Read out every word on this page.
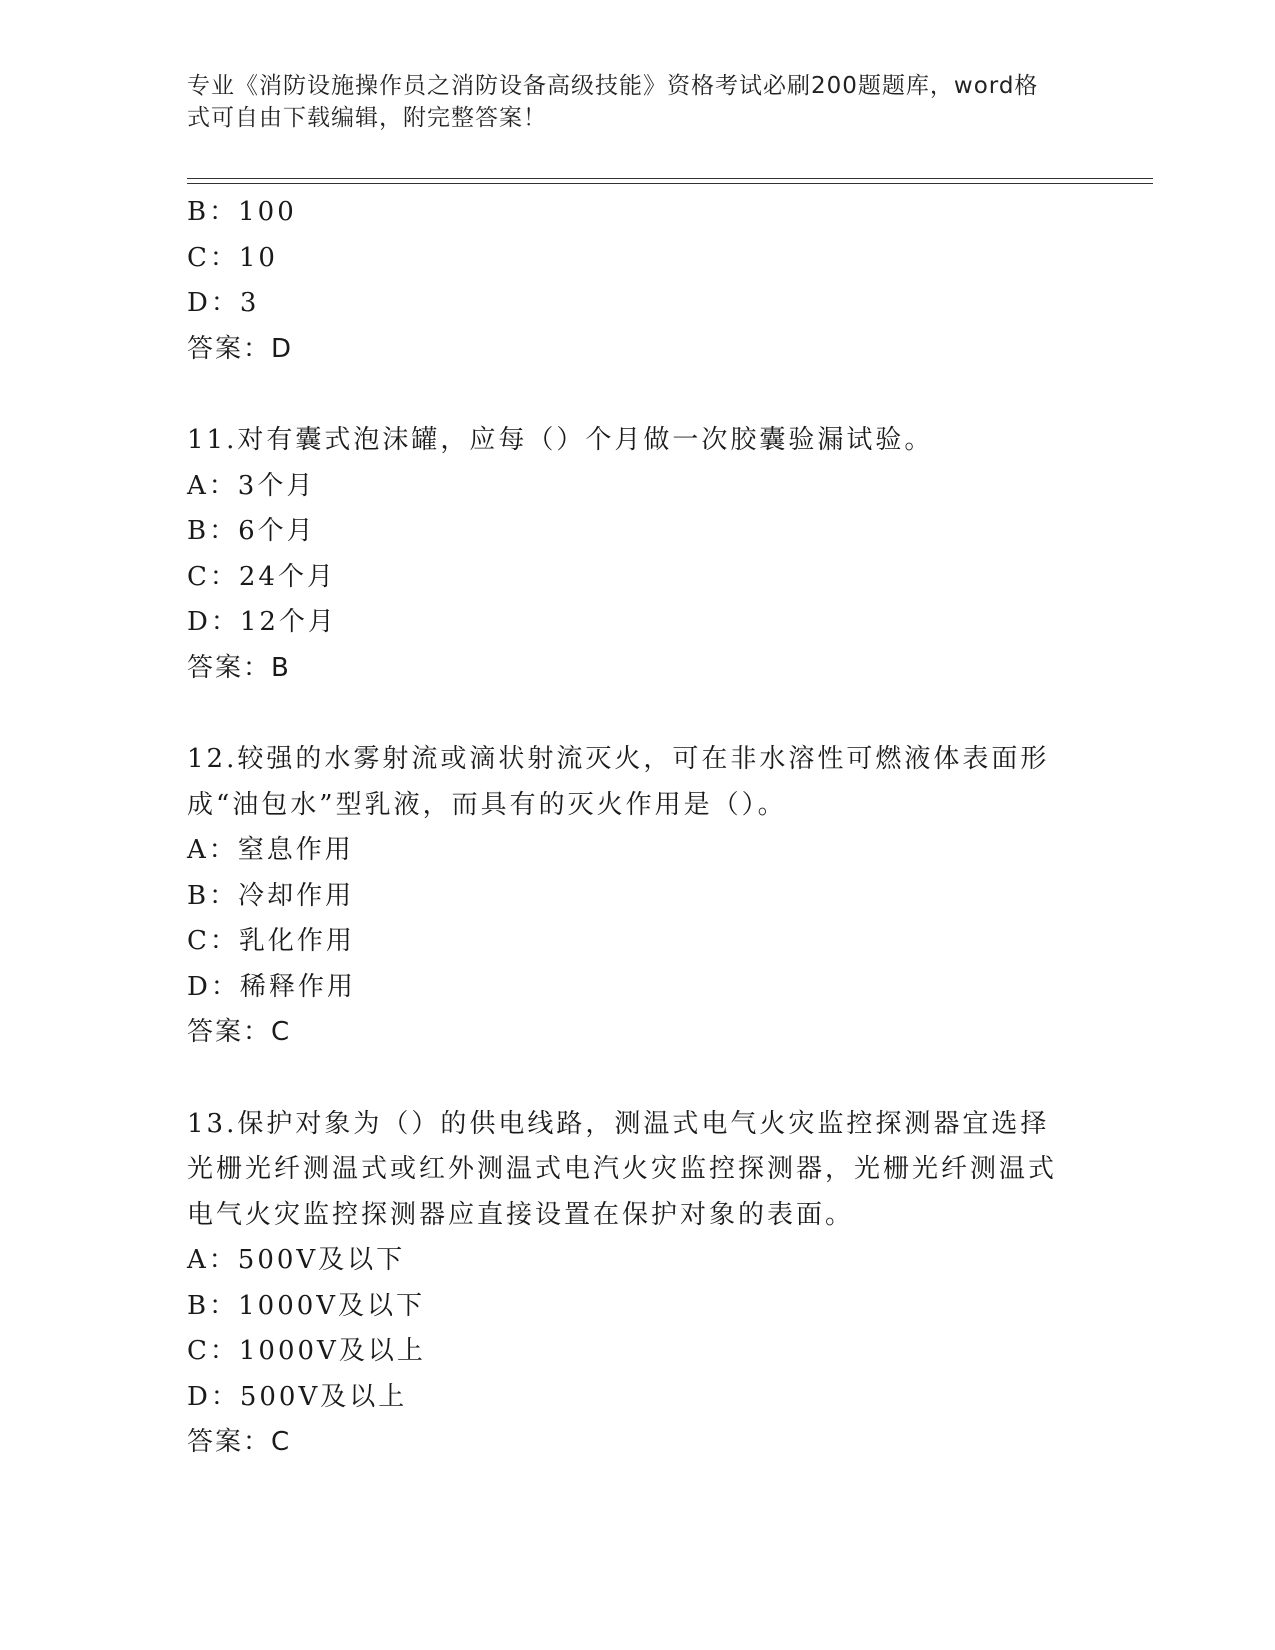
专业《消防设施操作员之消防设备高级技能》资格考试必刷200题题库，word格
式可自由下载编辑，附完整答案！
B：100
C：10
D：3
答案：D
11.对有囊式泡沫罐，应每（）个月做一次胶囊验漏试验。
A：3个月
B：6个月
C：24个月
D：12个月
答案：B
12.较强的水雾射流或滴状射流灭火，可在非水溶性可燃液体表面形成“油包水”型乳液，而具有的灭火作用是（）。
A：窒息作用
B：冷却作用
C：乳化作用
D：稀释作用
答案：C
13.保护对象为（）的供电线路，测温式电气火灾监控探测器宜选择光栅光纤测温式或红外测温式电汽火灾监控探测器，光栅光纤测温式电气火灾监控探测器应直接设置在保护对象的表面。
A：500V及以下
B：1000V及以下
C：1000V及以上
D：500V及以上
答案：C
